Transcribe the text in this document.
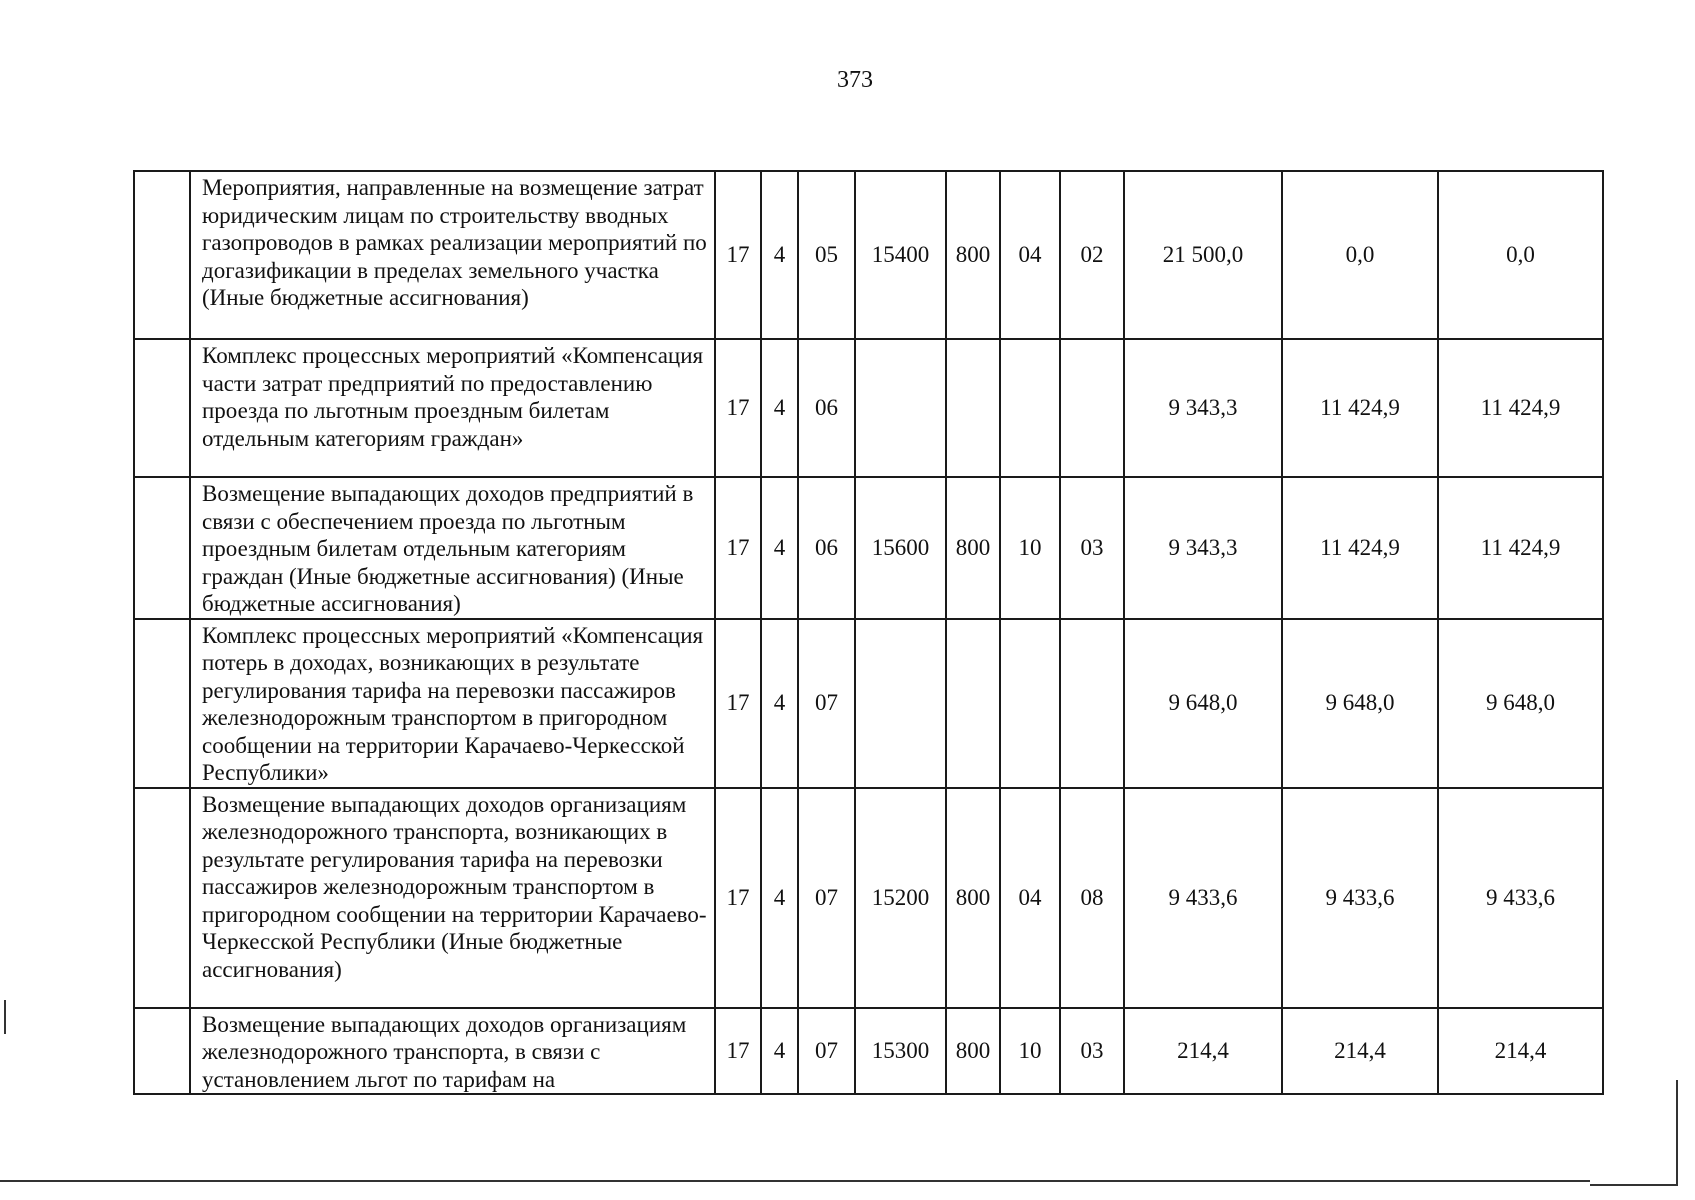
373
	Мероприятия, направленные на возмещение затрат юридическим лицам по строительству вводных газопроводов в рамках реализации мероприятий по догазификации в пределах земельного участка (Иные бюджетные ассигнования)	17	4	05	15400	800	04	02	21 500,0	0,0	0,0
	Комплекс процессных мероприятий «Компенсация части затрат предприятий по предоставлению проезда по льготным проездным билетам отдельным категориям граждан»	17	4	06					9 343,3	11 424,9	11 424,9
	Возмещение выпадающих доходов предприятий в связи с обеспечением проезда по льготным проездным билетам отдельным категориям граждан (Иные бюджетные ассигнования) (Иные бюджетные ассигнования)	17	4	06	15600	800	10	03	9 343,3	11 424,9	11 424,9
	Комплекс процессных мероприятий «Компенсация потерь в доходах, возникающих в результате регулирования тарифа на перевозки пассажиров железнодорожным транспортом в пригородном сообщении на территории Карачаево-Черкесской Республики»	17	4	07					9 648,0	9 648,0	9 648,0
	Возмещение выпадающих доходов организациям железнодорожного транспорта, возникающих в результате регулирования тарифа на перевозки пассажиров железнодорожным транспортом в пригородном сообщении на территории Карачаево-Черкесской Республики (Иные бюджетные ассигнования)	17	4	07	15200	800	04	08	9 433,6	9 433,6	9 433,6
	Возмещение выпадающих доходов организациям железнодорожного транспорта, в связи с установлением льгот по тарифам на	17	4	07	15300	800	10	03	214,4	214,4	214,4
